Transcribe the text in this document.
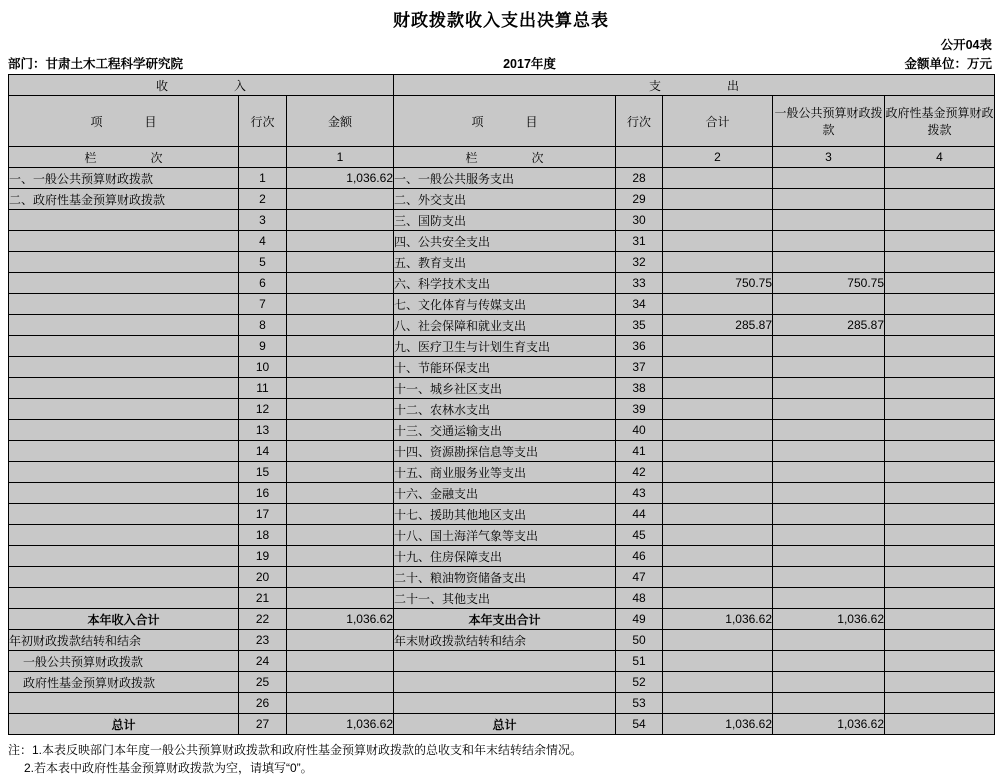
财政拨款收入支出决算总表
公开04表
部门：甘肃土木工程科学研究院	2017年度	金额单位：万元
收　　入			支　　出				
项　　目	行次	金额	项　　目	行次	合计	一般公共预算财政拨款	政府性基金预算财政拨款
栏　　次		1	栏　　次		2	3	4
一、一般公共预算财政拨款	1	1,036.62	一、一般公共服务支出	28			
二、政府性基金预算财政拨款	2		二、外交支出	29			
	3		三、国防支出	30			
	4		四、公共安全支出	31			
	5		五、教育支出	32			
	6		六、科学技术支出	33	750.75	750.75	
	7		七、文化体育与传媒支出	34			
	8		八、社会保障和就业支出	35	285.87	285.87	
	9		九、医疗卫生与计划生育支出	36			
	10		十、节能环保支出	37			
	11		十一、城乡社区支出	38			
	12		十二、农林水支出	39			
	13		十三、交通运输支出	40			
	14		十四、资源勘探信息等支出	41			
	15		十五、商业服务业等支出	42			
	16		十六、金融支出	43			
	17		十七、援助其他地区支出	44			
	18		十八、国土海洋气象等支出	45			
	19		十九、住房保障支出	46			
	20		二十、粮油物资储备支出	47			
	21		二十一、其他支出	48			
本年收入合计	22	1,036.62	本年支出合计	49	1,036.62	1,036.62	
年初财政拨款结转和结余	23		年末财政拨款结转和结余	50			
一般公共预算财政拨款	24			51			
政府性基金预算财政拨款	25			52			
	26			53			
总计	27	1,036.62	总计	54	1,036.62	1,036.62	
注：1.本表反映部门本年度一般公共预算财政拨款和政府性基金预算财政拨款的总收支和年末结转结余情况。
2.若本表中政府性基金预算财政拨款为空，请填写“0”。
